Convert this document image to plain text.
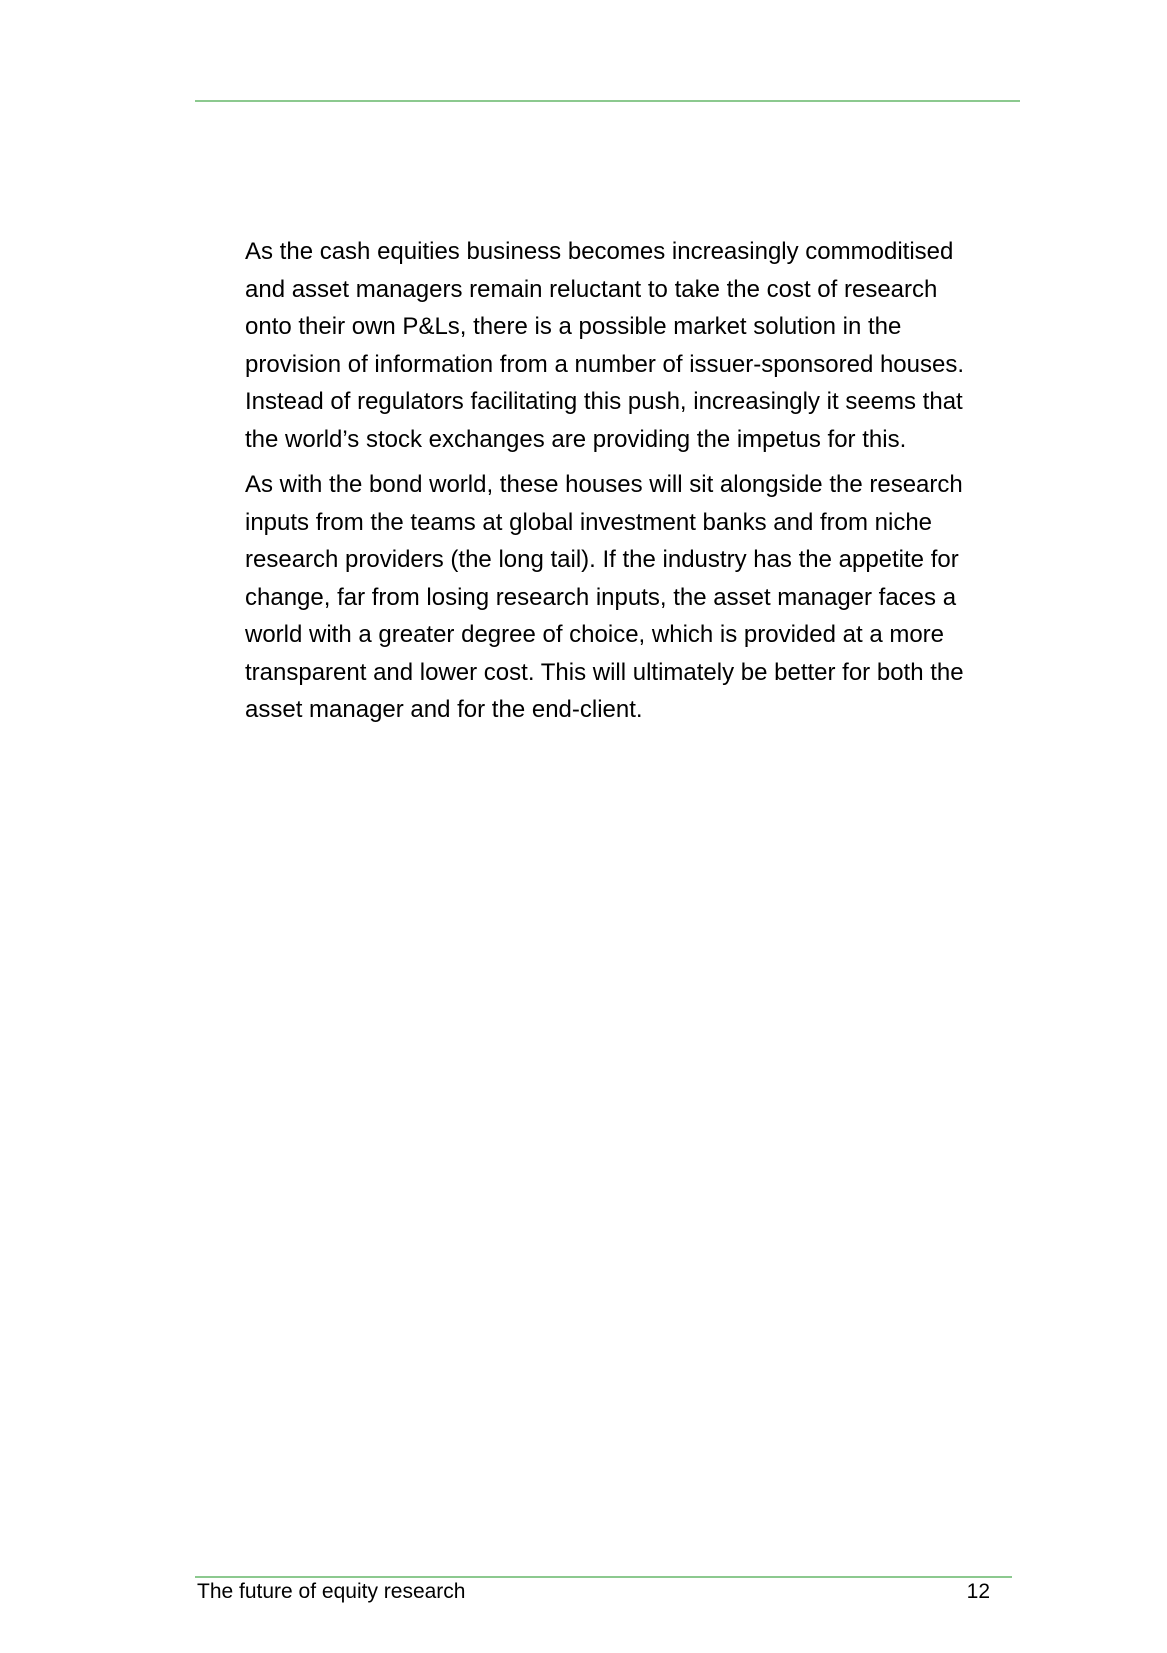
As the cash equities business becomes increasingly commoditised
and asset managers remain reluctant to take the cost of research
onto their own P&Ls, there is a possible market solution in the
provision of information from a number of issuer-sponsored houses.
Instead of regulators facilitating this push, increasingly it seems that
the world’s stock exchanges are providing the impetus for this.

As with the bond world, these houses will sit alongside the research
inputs from the teams at global investment banks and from niche
research providers (the long tail). If the industry has the appetite for
change, far from losing research inputs, the asset manager faces a
world with a greater degree of choice, which is provided at a more
transparent and lower cost. This will ultimately be better for both the
asset manager and for the end-client.

The future of equity research	12
